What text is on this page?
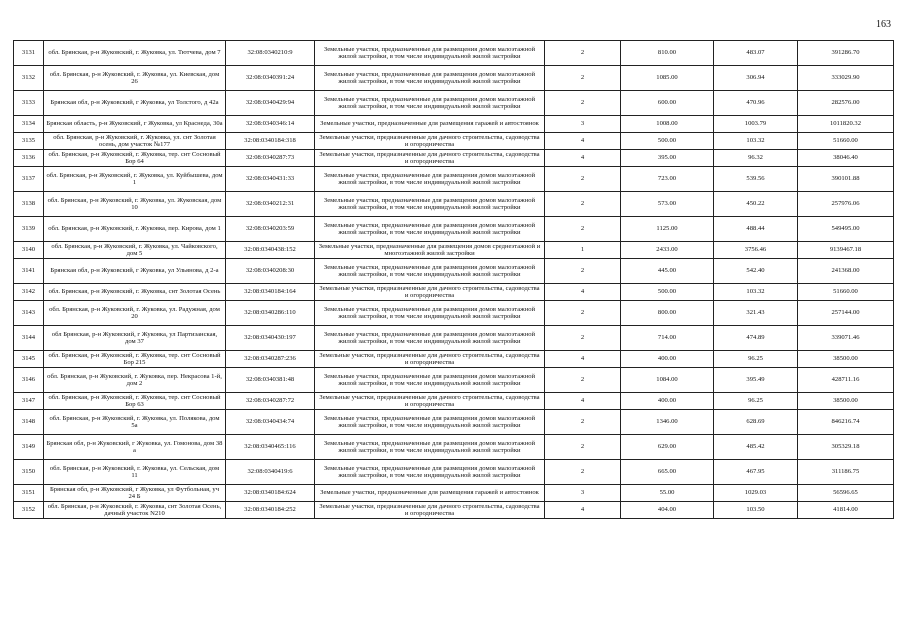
163
3131	обл. Брянская, р-н Жуковский, г. Жуковка, ул. Тютчева, дом 7	32:08:0340210:9	Земельные участки, предназначенные для размещения домов малоэтажной жилой застройки, в том числе индивидуальной жилой застройки	2	810.00	483.07	391286.70
3132	обл. Брянская, р-н Жуковский, г. Жуковка, ул. Киевская, дом 26	32:08:0340391:24	Земельные участки, предназначенные для размещения домов малоэтажной жилой застройки, в том числе индивидуальной жилой застройки	2	1085.00	306.94	333029.90
3133	Брянская обл, р-н Жуковский, г Жуковка, ул Толстого, д 42а	32:08:0340429:94	Земельные участки, предназначенные для размещения домов малоэтажной жилой застройки, в том числе индивидуальной жилой застройки	2	600.00	470.96	282576.00
3134	Брянская область, р-н Жуковский, г Жуковка, ул Краснеда, 30а	32:08:0340346:14	Земельные участки, предназначенные для размещения гаражей и автостоянок	3	1008.00	1003.79	1011820.32
3135	обл. Брянская, р-н Жуковский, г. Жуковка, ул. снт Золотая осень, дом участок №177	32:08:0340184:318	Земельные участки, предназначенные для дачного строительства, садоводства и огородничества	4	500.00	103.32	51660.00
3136	обл. Брянская, р-н Жуковский, г. Жуковка, тер. снт Сосновый Бор 64	32:08:0340287:73	Земельные участки, предназначенные для дачного строительства, садоводства и огородничества	4	395.00	96.32	38046.40
3137	обл. Брянская, р-н Жуковский, г. Жуковка, ул. Куйбышева, дом 1	32:08:0340431:33	Земельные участки, предназначенные для размещения домов малоэтажной жилой застройки, в том числе индивидуальной жилой застройки	2	723.00	539.56	390101.88
3138	обл. Брянская, р-н Жуковский, г. Жуковка, ул. Жуковская, дом 10	32:08:0340212:31	Земельные участки, предназначенные для размещения домов малоэтажной жилой застройки, в том числе индивидуальной жилой застройки	2	573.00	450.22	257976.06
3139	обл. Брянская, р-н Жуковский, г. Жуковка, пер. Кирова, дом 1	32:08:0340203:59	Земельные участки, предназначенные для размещения домов малоэтажной жилой застройки, в том числе индивидуальной жилой застройки	2	1125.00	488.44	549495.00
3140	обл. Брянская, р-н Жуковский, г. Жуковка, ул. Чайковского, дом 5	32:08:0340438:152	Земельные участки, предназначенные для размещения домов среднеэтажной и многоэтажной жилой застройки	1	2433.00	3756.46	9139467.18
3141	Брянская обл, р-н Жуковский, г Жуковка, ул Ульянова, д 2-а	32:08:0340208:30	Земельные участки, предназначенные для размещения домов малоэтажной жилой застройки, в том числе индивидуальной жилой застройки	2	445.00	542.40	241368.00
3142	обл. Брянская, р-н Жуковский, г. Жуковка, снт Золотая Осень	32:08:0340184:164	Земельные участки, предназначенные для дачного строительства, садоводства и огородничества	4	500.00	103.32	51660.00
3143	обл. Брянская, р-н Жуковский, г. Жуковка, ул. Радужная, дом 20	32:08:0340286:110	Земельные участки, предназначенные для размещения домов малоэтажной жилой застройки, в том числе индивидуальной жилой застройки	2	800.00	321.43	257144.00
3144	обл Брянская, р-н Жуковский, г Жуковка, ул Партизанская, дом 37	32:08:0340430:197	Земельные участки, предназначенные для размещения домов малоэтажной жилой застройки, в том числе индивидуальной жилой застройки	2	714.00	474.89	339071.46
3145	обл. Брянская, р-н Жуковский, г. Жуковка, тер. снт Сосновый Бор 215	32:08:0340287:236	Земельные участки, предназначенные для дачного строительства, садоводства и огородничества	4	400.00	96.25	38500.00
3146	обл. Брянская, р-н Жуковский, г. Жуковка, пер. Некрасова 1-й, дом 2	32:08:0340381:48	Земельные участки, предназначенные для размещения домов малоэтажной жилой застройки, в том числе индивидуальной жилой застройки	2	1084.00	395.49	428711.16
3147	обл. Брянская, р-н Жуковский, г. Жуковка, тер. снт Сосновый Бор 63	32:08:0340287:72	Земельные участки, предназначенные для дачного строительства, садоводства и огородничества	4	400.00	96.25	38500.00
3148	обл. Брянская, р-н Жуковский, г. Жуковка, ул. Полякова, дом 5а	32:08:0340434:74	Земельные участки, предназначенные для размещения домов малоэтажной жилой застройки, в том числе индивидуальной жилой застройки	2	1346.00	628.69	846216.74
3149	Брянская обл, р-н Жуковский, г Жуковка, ул. Гомонова, дом 38 а	32:08:0340465:116	Земельные участки, предназначенные для размещения домов малоэтажной жилой застройки, в том числе индивидуальной жилой застройки	2	629.00	485.42	305329.18
3150	обл. Брянская, р-н Жуковский, г. Жуковка, ул. Сельская, дом 11	32:08:0340419:6	Земельные участки, предназначенные для размещения домов малоэтажной жилой застройки, в том числе индивидуальной жилой застройки	2	665.00	467.95	311186.75
3151	Брянская обл, р-н Жуковский, г Жуковка, ул Футбольная, уч 24 Б	32:08:0340184:624	Земельные участки, предназначенные для размещения гаражей и автостоянок	3	55.00	1029.03	56596.65
3152	обл. Брянская, р-н Жуковский, г. Жуковка, снт Золотая Осень, дачный участок N210	32:08:0340184:252	Земельные участки, предназначенные для дачного строительства, садоводства и огородничества	4	404.00	103.50	41814.00
